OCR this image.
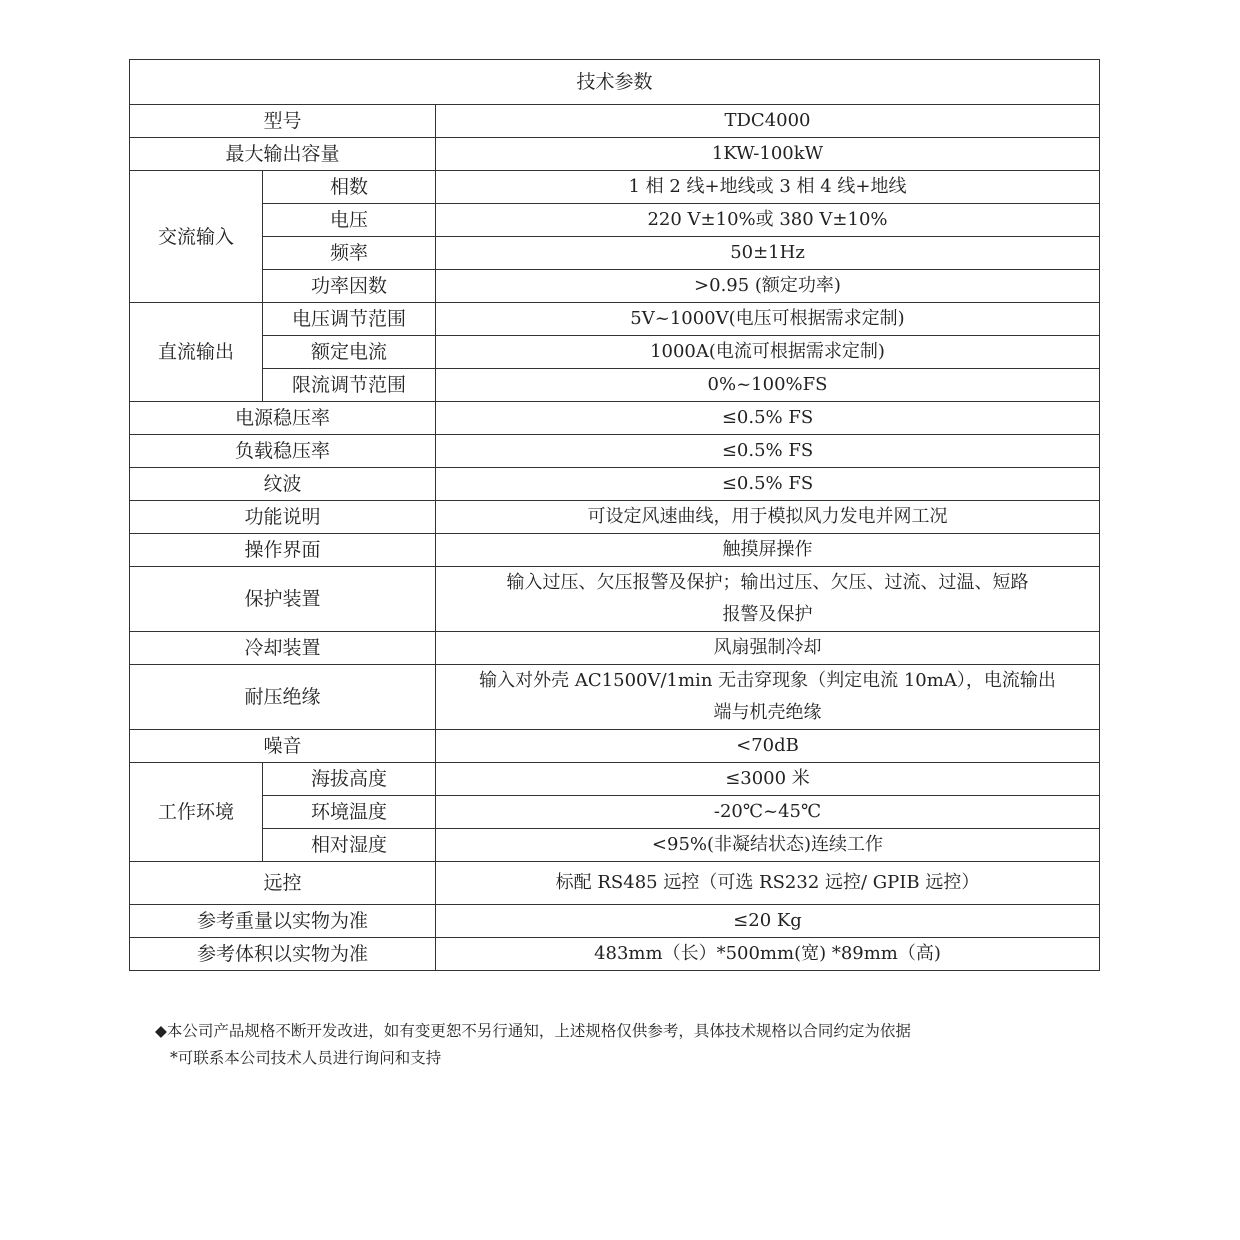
技术参数		
型号		TDC4000
最大输出容量		1KW-100kW
交流输入	相数	1 相 2 线+地线或 3 相 4 线+地线
	电压	220 V±10%或 380 V±10%
	频率	50±1Hz
	功率因数	>0.95 (额定功率)
直流输出	电压调节范围	5V~1000V(电压可根据需求定制)
	额定电流	1000A(电流可根据需求定制)
	限流调节范围	0%~100%FS
电源稳压率		≤0.5% FS
负载稳压率		≤0.5% FS
纹波		≤0.5% FS
功能说明		可设定风速曲线，用于模拟风力发电并网工况
操作界面		触摸屏操作
保护装置		输入过压、欠压报警及保护；输出过压、欠压、过流、过温、短路
报警及保护

冷却装置		风扇强制冷却
耐压绝缘		输入对外壳 AC1500V/1min 无击穿现象（判定电流 10mA），电流输出
端与机壳绝缘

噪音		<70dB
工作环境	海拔高度	≤3000 米
	环境温度	-20℃~45℃
	相对湿度	<95%(非凝结状态)连续工作
远控		标配 RS485 远控（可选 RS232 远控/ GPIB 远控）
参考重量以实物为准		≤20 Kg
参考体积以实物为准		483mm（长）*500mm(宽) *89mm（高)
◆本公司产品规格不断开发改进，如有变更恕不另行通知，上述规格仅供参考，具体技术规格以合同约定为依据
*可联系本公司技术人员进行询问和支持
